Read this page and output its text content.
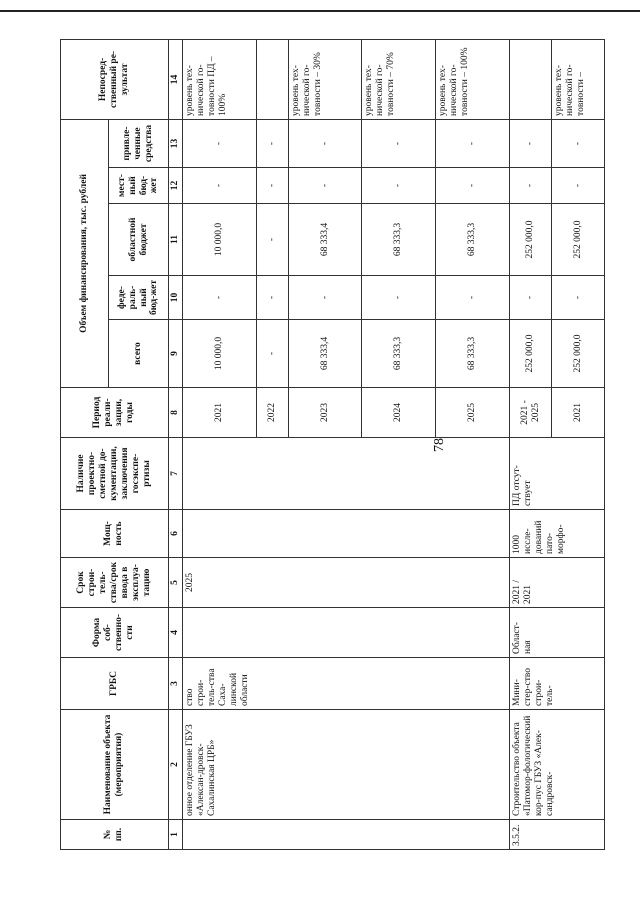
78
№ пп.	Наименование объекта (мероприятия)	ГРБС	Форма соб-ственно-сти	Срок строи-тель-ства/срок ввода в эксплуа-тацию	Мощ-ность	Наличие проектно-сметной до-кументации, заключения госэкспе-ртизы	Период реали-зации, годы	Объем финансирования, тыс. рублей					Непосред-ственный ре-зультат
								всего	феде-раль-ный бюд-жет	областной бюджет	мест-ный бюд-жет	привле-ченные средства	
1	2	3	4	5	6	7	8	9	10	11	12	13	14
	онное отделение ГБУЗ «Алексан-дровск-Сахалинская ЦРБ»	ство строи-тель-ства Саха-линской области		2025			2021	10 000,0	-	10 000,0	-	-	уровень тех-нической го-товности ПД – 100%
							2022	-	-	-	-	-	
							2023	68 333,4	-	68 333,4	-	-	уровень тех-нической го-товности – 30%
							2024	68 333,3	-	68 333,3	-	-	уровень тех-нической го-товности – 70%
							2025	68 333,3	-	68 333,3	-	-	уровень тех-нической го-товности – 100%
3.5.2.	Строительство объекта «Патомор-фологический кор-пус ГБУЗ «Алек-сандровск-	Мини-стер-ство строи-тель-	Област-ная	2021 / 2021	1000 иссле-дований пато-морфо-	ПД отсут-ствует	2021 - 2025	252 000,0	-	252 000,0	-	-	
							2021	252 000,0	-	252 000,0	-	-	уровень тех-нической го-товности –
